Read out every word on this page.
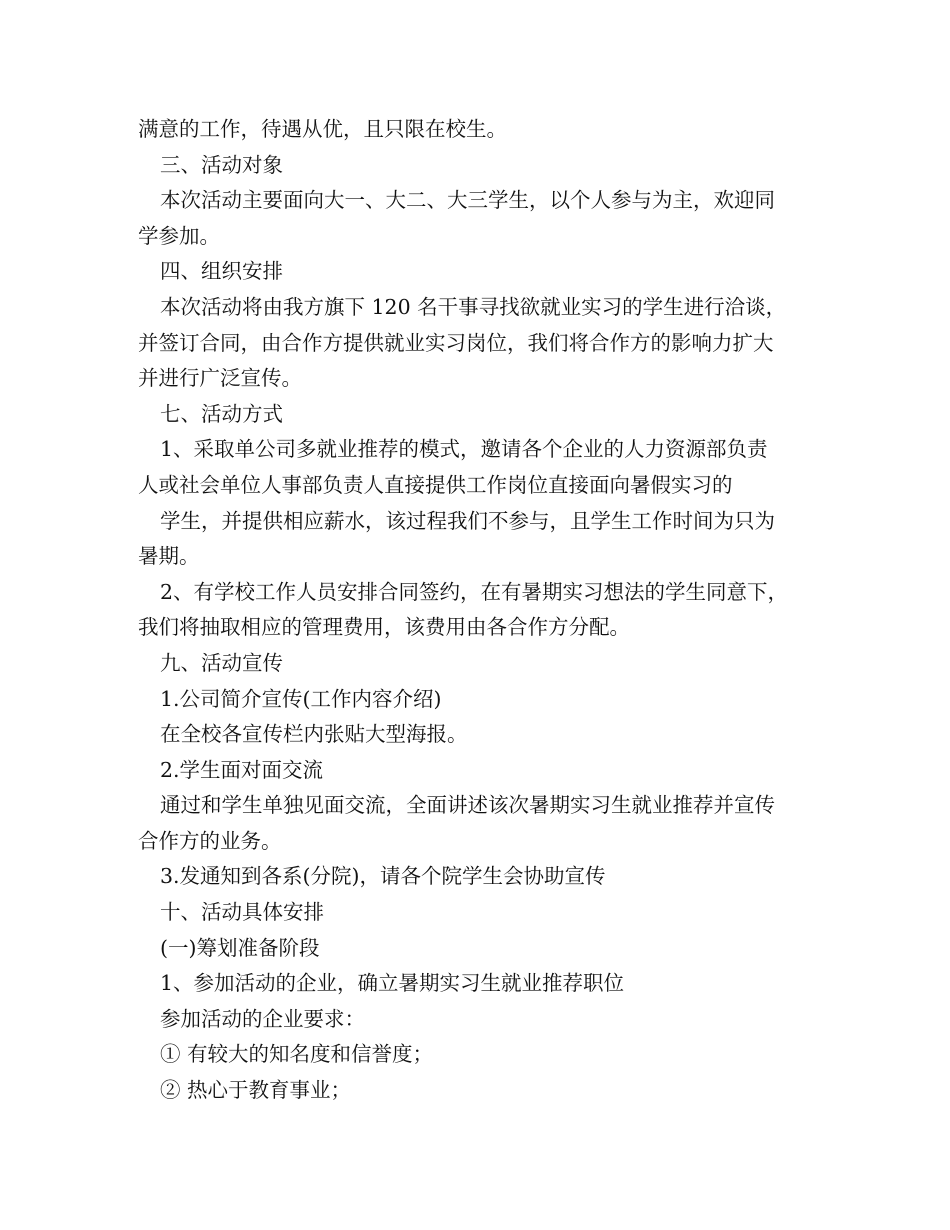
满意的工作，待遇从优，且只限在校生。
三、活动对象
本次活动主要面向大一、大二、大三学生，以个人参与为主，欢迎同
学参加。
四、组织安排
本次活动将由我方旗下 120 名干事寻找欲就业实习的学生进行洽谈，
并签订合同，由合作方提供就业实习岗位，我们将合作方的影响力扩大
并进行广泛宣传。
七、活动方式
1、采取单公司多就业推荐的模式，邀请各个企业的人力资源部负责
人或社会单位人事部负责人直接提供工作岗位直接面向暑假实习的
学生，并提供相应薪水，该过程我们不参与，且学生工作时间为只为
暑期。
2、有学校工作人员安排合同签约，在有暑期实习想法的学生同意下，
我们将抽取相应的管理费用，该费用由各合作方分配。
九、活动宣传
1.公司简介宣传(工作内容介绍)
在全校各宣传栏内张贴大型海报。
2.学生面对面交流
通过和学生单独见面交流，全面讲述该次暑期实习生就业推荐并宣传
合作方的业务。
3.发通知到各系(分院)，请各个院学生会协助宣传
十、活动具体安排
(一)筹划准备阶段
1、参加活动的企业，确立暑期实习生就业推荐职位
参加活动的企业要求：
① 有较大的知名度和信誉度；
② 热心于教育事业；
